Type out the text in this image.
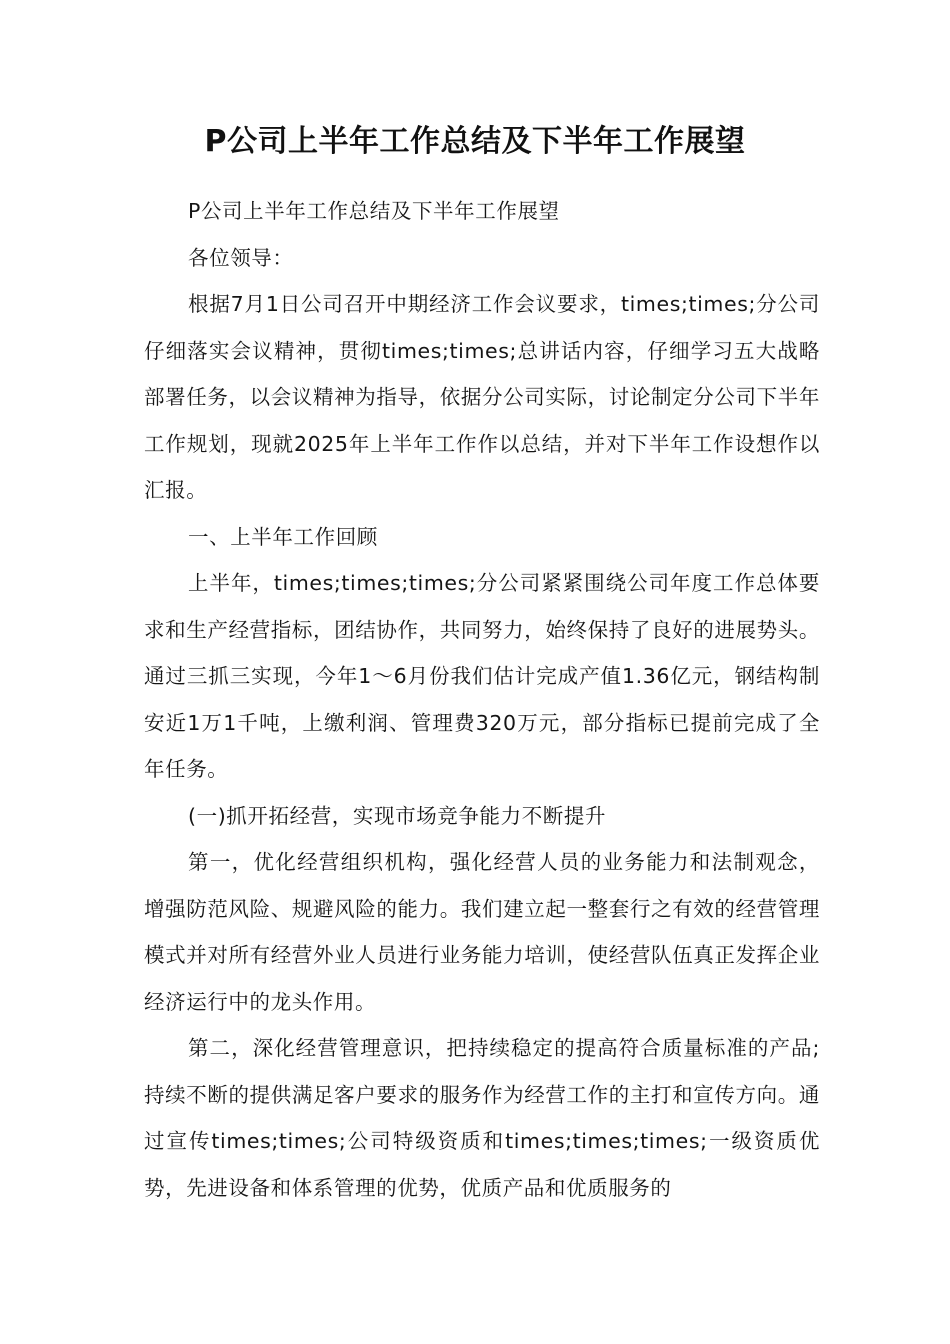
P公司上半年工作总结及下半年工作展望

P公司上半年工作总结及下半年工作展望

各位领导：

根据7月1日公司召开中期经济工作会议要求，times;times;分公司仔细落实会议精神，贯彻times;times;总讲话内容，仔细学习五大战略部署任务，以会议精神为指导，依据分公司实际，讨论制定分公司下半年工作规划，现就2025年上半年工作作以总结，并对下半年工作设想作以汇报。

一、上半年工作回顾

上半年，times;times;times;分公司紧紧围绕公司年度工作总体要求和生产经营指标，团结协作，共同努力，始终保持了良好的进展势头。通过三抓三实现，今年1～6月份我们估计完成产值1.36亿元，钢结构制安近1万1千吨，上缴利润、管理费320万元，部分指标已提前完成了全年任务。

(一)抓开拓经营，实现市场竞争能力不断提升

第一，优化经营组织机构，强化经营人员的业务能力和法制观念，增强防范风险、规避风险的能力。我们建立起一整套行之有效的经营管理模式并对所有经营外业人员进行业务能力培训，使经营队伍真正发挥企业经济运行中的龙头作用。

第二，深化经营管理意识，把持续稳定的提高符合质量标准的产品;持续不断的提供满足客户要求的服务作为经营工作的主打和宣传方向。通过宣传times;times;公司特级资质和times;times;times;一级资质优势，先进设备和体系管理的优势，优质产品和优质服务的
